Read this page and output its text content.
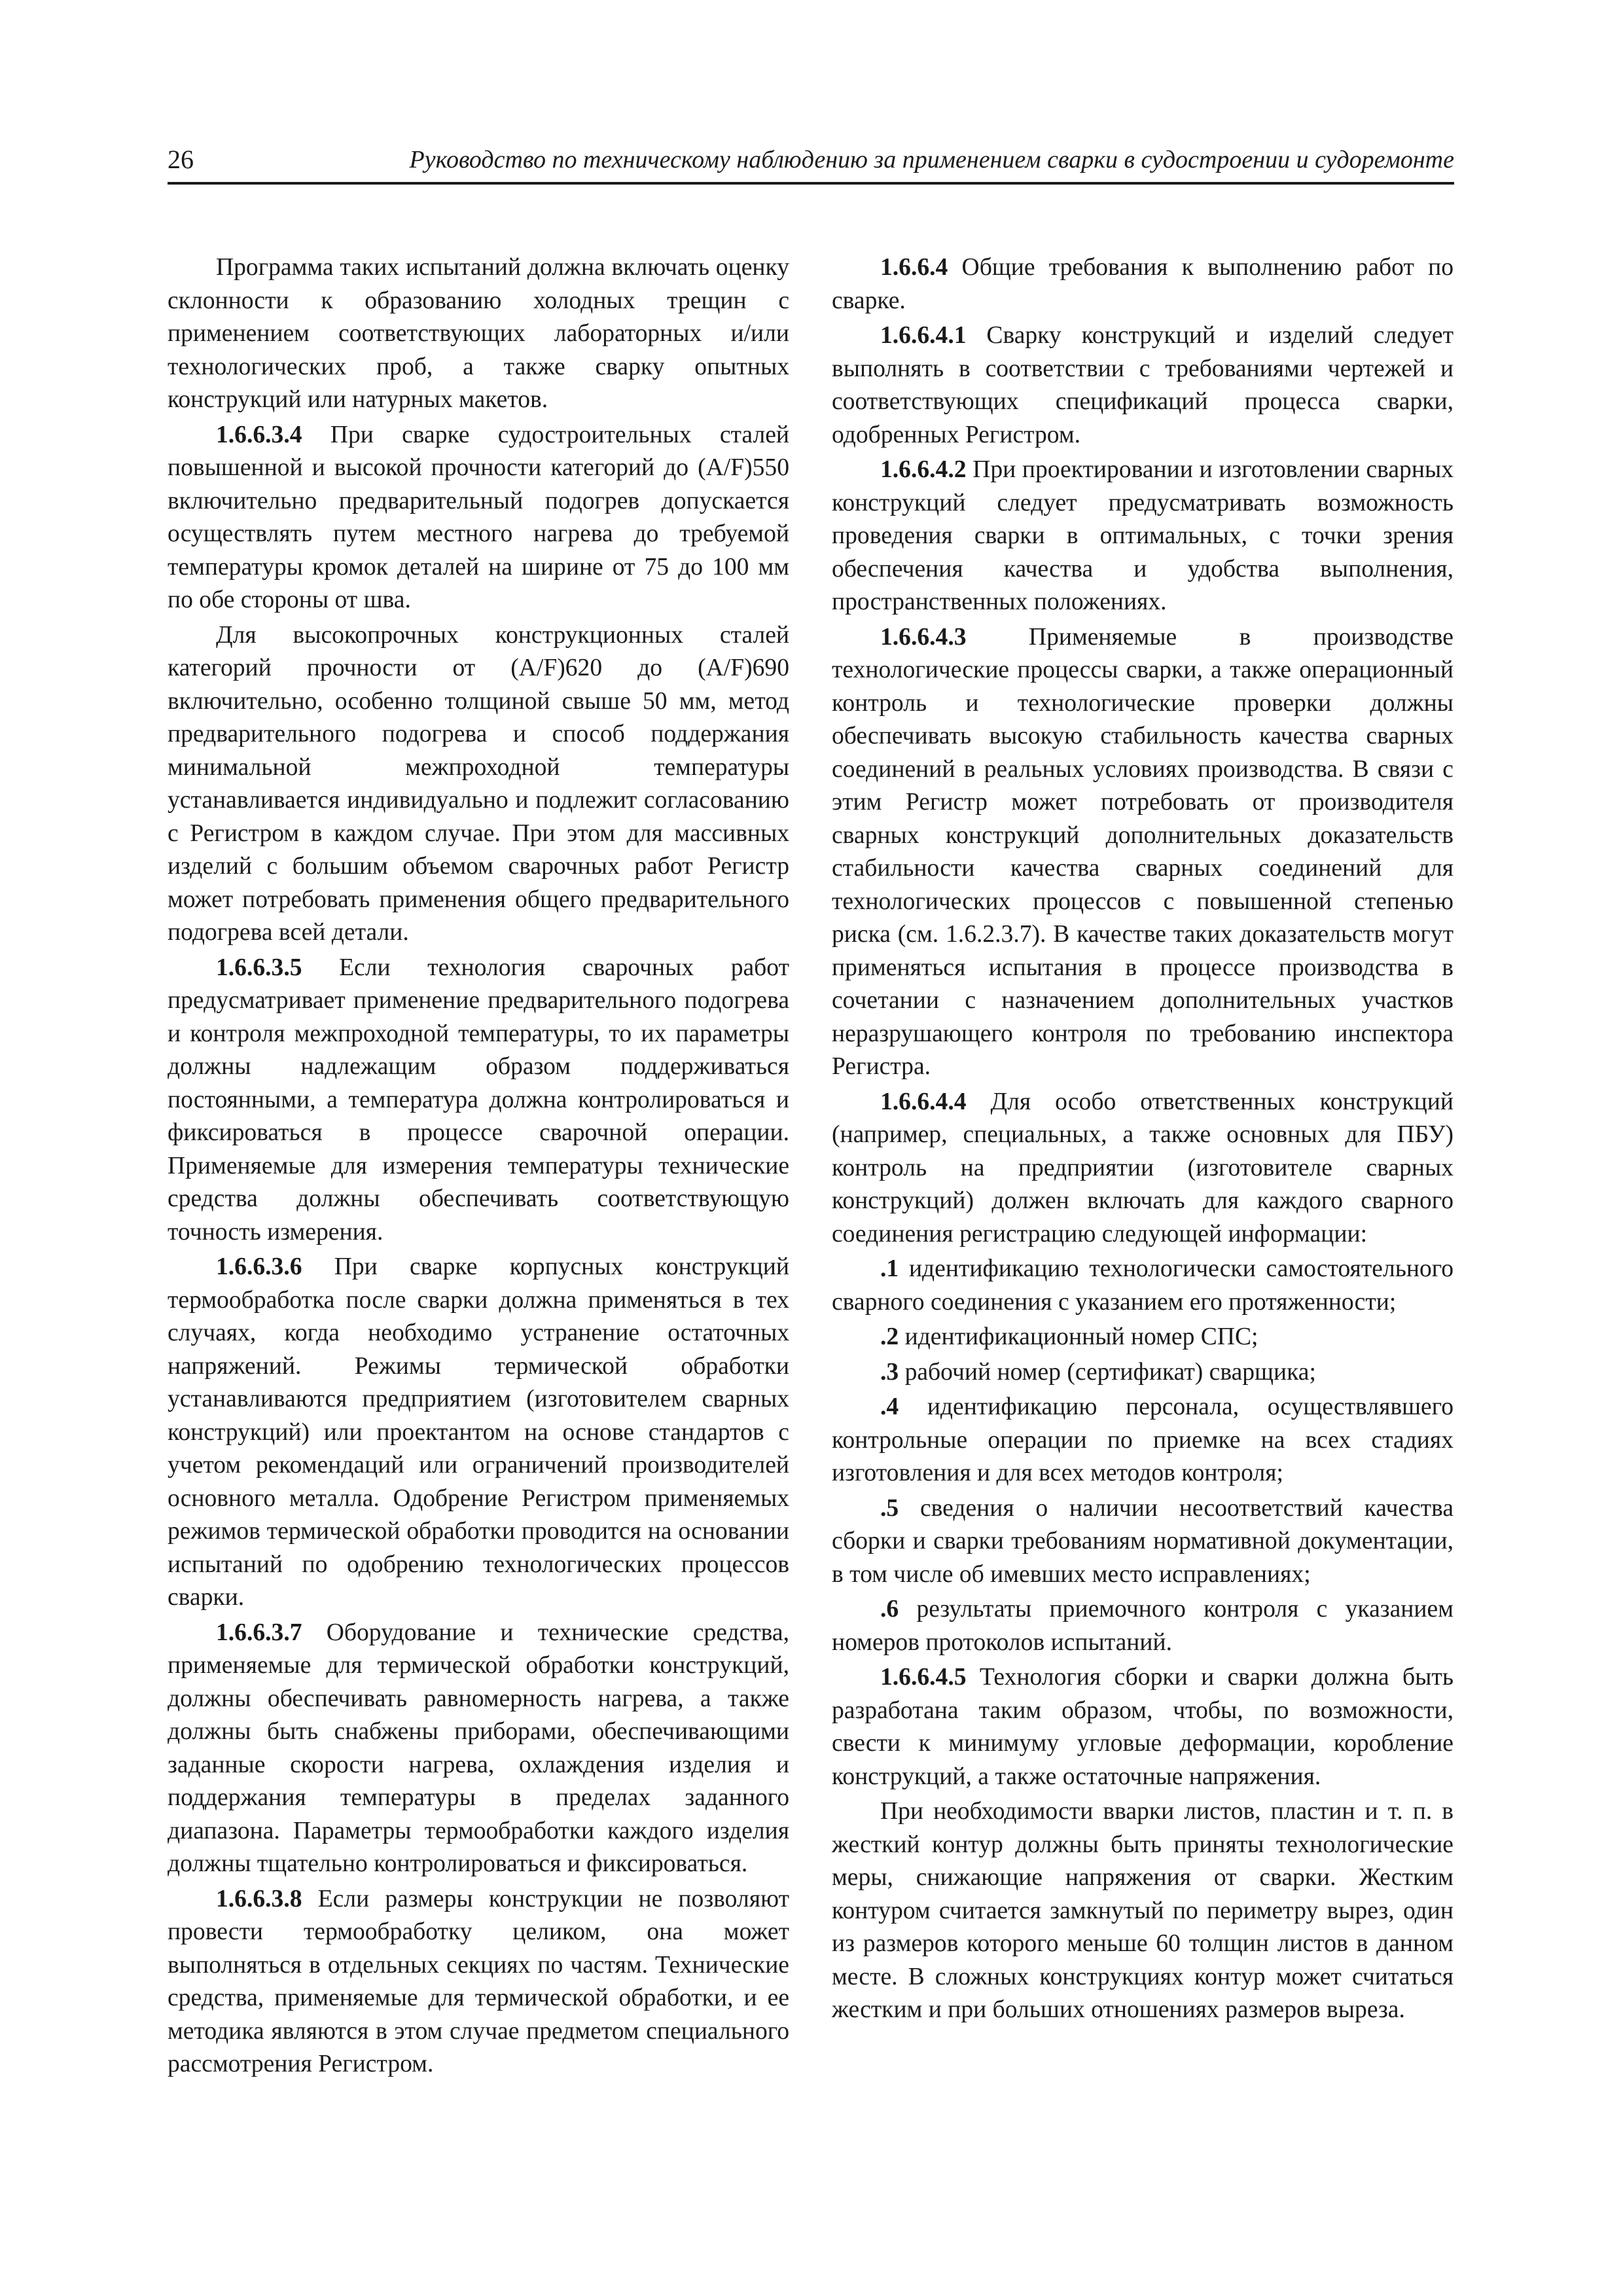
26	Руководство по техническому наблюдению за применением сварки в судостроении и судоремонте

Программа таких испытаний должна включать оценку склонности к образованию холодных трещин с применением соответствующих лабораторных и/или технологических проб, а также сварку опытных конструкций или натурных макетов.

1.6.6.3.4 При сварке судостроительных сталей повышенной и высокой прочности категорий до (A/F)550 включительно предварительный подогрев допускается осуществлять путем местного нагрева до требуемой температуры кромок деталей на ширине от 75 до 100 мм по обе стороны от шва.

Для высокопрочных конструкционных сталей категорий прочности от (A/F)620 до (A/F)690 включительно, особенно толщиной свыше 50 мм, метод предварительного подогрева и способ поддержания минимальной межпроходной температуры устанавливается индивидуально и подлежит согласованию с Регистром в каждом случае. При этом для массивных изделий с большим объемом сварочных работ Регистр может потребовать применения общего предварительного подогрева всей детали.

1.6.6.3.5 Если технология сварочных работ предусматривает применение предварительного подогрева и контроля межпроходной температуры, то их параметры должны надлежащим образом поддерживаться постоянными, а температура должна контролироваться и фиксироваться в процессе сварочной операции. Применяемые для измерения температуры технические средства должны обеспечивать соответствующую точность измерения.

1.6.6.3.6 При сварке корпусных конструкций термообработка после сварки должна применяться в тех случаях, когда необходимо устранение остаточных напряжений. Режимы термической обработки устанавливаются предприятием (изготовителем сварных конструкций) или проектантом на основе стандартов с учетом рекомендаций или ограничений производителей основного металла. Одобрение Регистром применяемых режимов термической обработки проводится на основании испытаний по одобрению технологических процессов сварки.

1.6.6.3.7 Оборудование и технические средства, применяемые для термической обработки конструкций, должны обеспечивать равномерность нагрева, а также должны быть снабжены приборами, обеспечивающими заданные скорости нагрева, охлаждения изделия и поддержания температуры в пределах заданного диапазона. Параметры термообработки каждого изделия должны тщательно контролироваться и фиксироваться.

1.6.6.3.8 Если размеры конструкции не позволяют провести термообработку целиком, она может выполняться в отдельных секциях по частям. Технические средства, применяемые для термической обработки, и ее методика являются в этом случае предметом специального рассмотрения Регистром.

1.6.6.4 Общие требования к выполнению работ по сварке.

1.6.6.4.1 Сварку конструкций и изделий следует выполнять в соответствии с требованиями чертежей и соответствующих спецификаций процесса сварки, одобренных Регистром.

1.6.6.4.2 При проектировании и изготовлении сварных конструкций следует предусматривать возможность проведения сварки в оптимальных, с точки зрения обеспечения качества и удобства выполнения, пространственных положениях.

1.6.6.4.3 Применяемые в производстве технологические процессы сварки, а также операционный контроль и технологические проверки должны обеспечивать высокую стабильность качества сварных соединений в реальных условиях производства. В связи с этим Регистр может потребовать от производителя сварных конструкций дополнительных доказательств стабильности качества сварных соединений для технологических процессов с повышенной степенью риска (см. 1.6.2.3.7). В качестве таких доказательств могут применяться испытания в процессе производства в сочетании с назначением дополнительных участков неразрушающего контроля по требованию инспектора Регистра.

1.6.6.4.4 Для особо ответственных конструкций (например, специальных, а также основных для ПБУ) контроль на предприятии (изготовителе сварных конструкций) должен включать для каждого сварного соединения регистрацию следующей информации:

.1 идентификацию технологически самостоятельного сварного соединения с указанием его протяженности;

.2 идентификационный номер СПС;

.3 рабочий номер (сертификат) сварщика;

.4 идентификацию персонала, осуществлявшего контрольные операции по приемке на всех стадиях изготовления и для всех методов контроля;

.5 сведения о наличии несоответствий качества сборки и сварки требованиям нормативной документации, в том числе об имевших место исправлениях;

.6 результаты приемочного контроля с указанием номеров протоколов испытаний.

1.6.6.4.5 Технология сборки и сварки должна быть разработана таким образом, чтобы, по возможности, свести к минимуму угловые деформации, коробление конструкций, а также остаточные напряжения.

При необходимости вварки листов, пластин и т. п. в жесткий контур должны быть приняты технологические меры, снижающие напряжения от сварки. Жестким контуром считается замкнутый по периметру вырез, один из размеров которого меньше 60 толщин листов в данном месте. В сложных конструкциях контур может считаться жестким и при больших отношениях размеров выреза.
